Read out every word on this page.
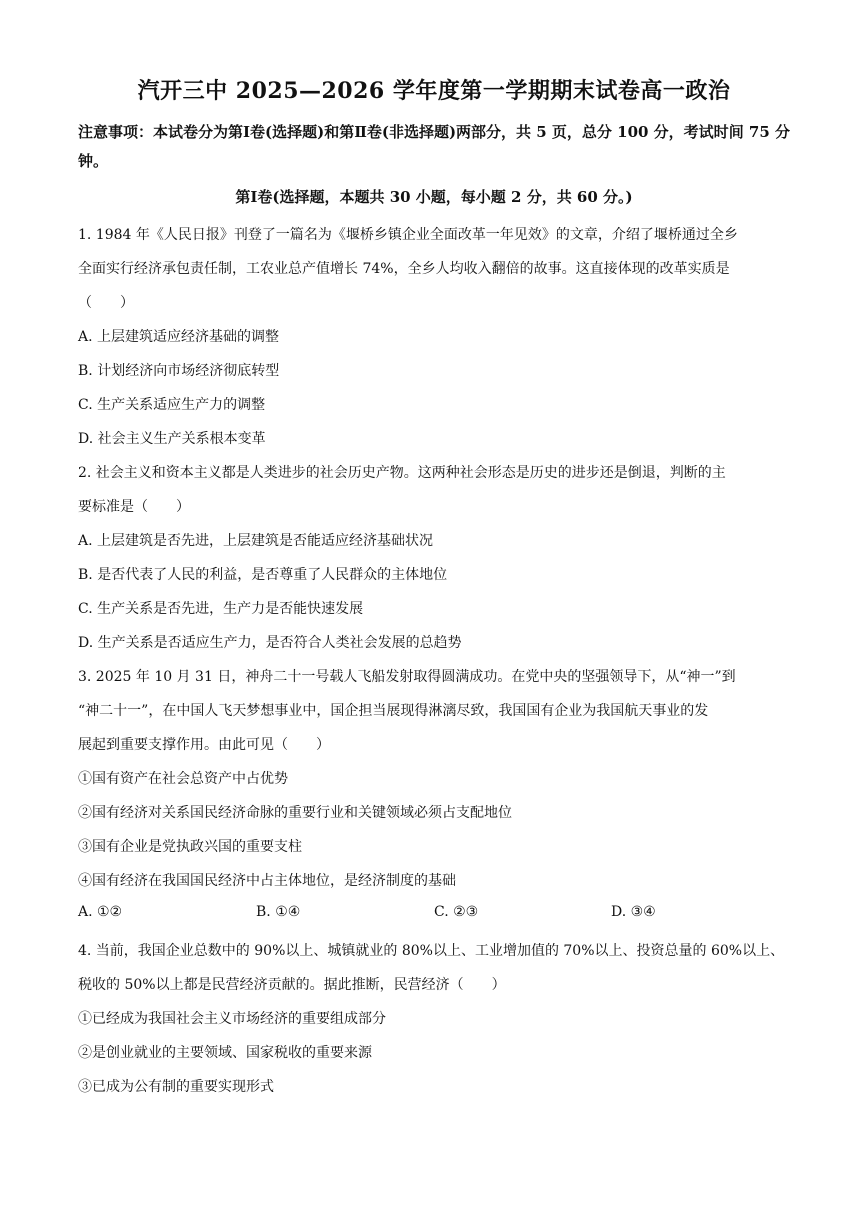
汽开三中 2025—2026 学年度第一学期期末试卷高一政治
注意事项：本试卷分为第Ⅰ卷(选择题)和第Ⅱ卷(非选择题)两部分，共 5 页，总分 100 分，考试时间 75 分钟。
第Ⅰ卷(选择题，本题共 30 小题，每小题 2 分，共 60 分。)
1. 1984 年《人民日报》刊登了一篇名为《堰桥乡镇企业全面改革一年见效》的文章，介绍了堰桥通过全乡
全面实行经济承包责任制，工农业总产值增长 74%，全乡人均收入翻倍的故事。这直接体现的改革实质是
（　　）
A. 上层建筑适应经济基础的调整
B. 计划经济向市场经济彻底转型
C. 生产关系适应生产力的调整
D. 社会主义生产关系根本变革
2. 社会主义和资本主义都是人类进步的社会历史产物。这两种社会形态是历史的进步还是倒退，判断的主
要标准是（　　）
A. 上层建筑是否先进，上层建筑是否能适应经济基础状况
B. 是否代表了人民的利益，是否尊重了人民群众的主体地位
C. 生产关系是否先进，生产力是否能快速发展
D. 生产关系是否适应生产力，是否符合人类社会发展的总趋势
3. 2025 年 10 月 31 日，神舟二十一号载人飞船发射取得圆满成功。在党中央的坚强领导下，从“神一”到
“神二十一”，在中国人飞天梦想事业中，国企担当展现得淋漓尽致，我国国有企业为我国航天事业的发
展起到重要支撑作用。由此可见（　　）
①国有资产在社会总资产中占优势
②国有经济对关系国民经济命脉的重要行业和关键领域必须占支配地位
③国有企业是党执政兴国的重要支柱
④国有经济在我国国民经济中占主体地位，是经济制度的基础
A. ①②	B. ①④	C. ②③	D. ③④
4. 当前，我国企业总数中的 90%以上、城镇就业的 80%以上、工业增加值的 70%以上、投资总量的 60%以上、
税收的 50%以上都是民营经济贡献的。据此推断，民营经济（　　）
①已经成为我国社会主义市场经济的重要组成部分
②是创业就业的主要领域、国家税收的重要来源
③已成为公有制的重要实现形式
